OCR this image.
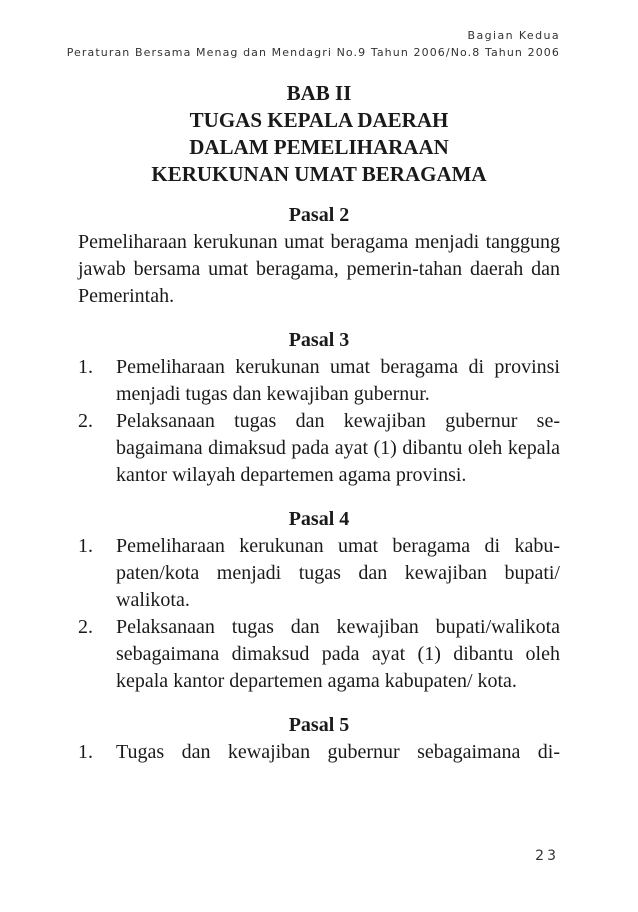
Bagian Kedua
Peraturan Bersama Menag dan Mendagri No.9 Tahun 2006/No.8 Tahun 2006
BAB II
TUGAS KEPALA DAERAH
DALAM PEMELIHARAAN
KERUKUNAN UMAT BERAGAMA
Pasal 2
Pemeliharaan kerukunan umat beragama menjadi tanggung jawab bersama umat beragama, pemerin-tahan daerah dan Pemerintah.
Pasal 3
1.	Pemeliharaan kerukunan umat beragama di provinsi menjadi tugas dan kewajiban gubernur.
2.	Pelaksanaan tugas dan kewajiban gubernur se-bagaimana dimaksud pada ayat (1) dibantu oleh kepala kantor wilayah departemen agama provinsi.
Pasal 4
1.	Pemeliharaan kerukunan umat beragama di kabu-paten/kota menjadi tugas dan kewajiban bupati/ walikota.
2.	Pelaksanaan tugas dan kewajiban bupati/walikota sebagaimana dimaksud pada ayat (1) dibantu oleh kepala kantor departemen agama kabupaten/ kota.
Pasal 5
1.	Tugas dan kewajiban gubernur sebagaimana di-
23
